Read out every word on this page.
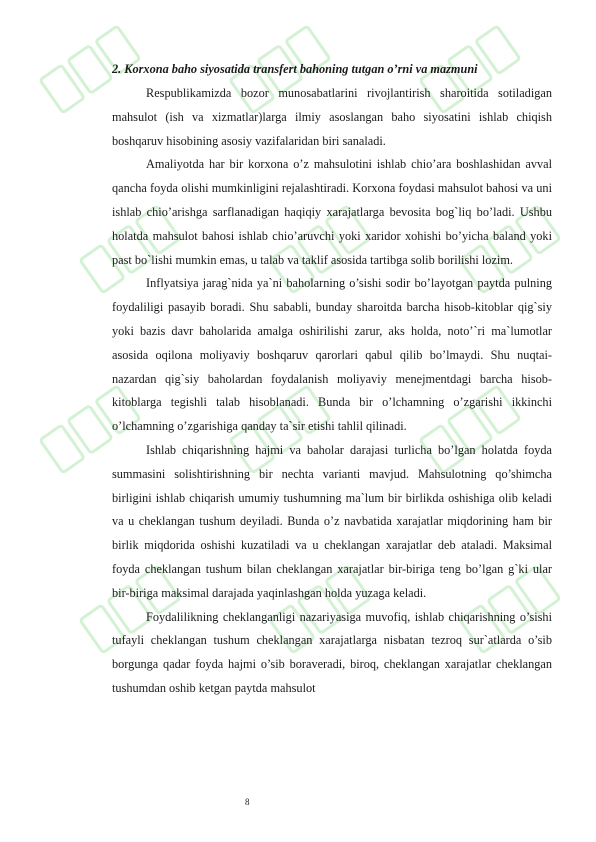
2. Korxona baho siyosatida transfert bahoning tutgan o’rni va mazmuni

Respublikamizda bozor munosabatlarini rivojlantirish sharoitida sotiladigan mahsulot (ish va xizmatlar)larga ilmiy asoslangan baho siyosatini ishlab chiqish boshqaruv hisobining asosiy vazifalaridan biri sanaladi.

Amaliyotda har bir korxona o’z mahsulotini ishlab chio’ara boshlashidan avval qancha foyda olishi mumkinligini rejalashtiradi. Korxona foydasi mahsulot bahosi va uni ishlab chio’arishga sarflanadigan haqiqiy xarajatlarga bevosita bog`liq bo’ladi. Ushbu holatda mahsulot bahosi ishlab chio’aruvchi yoki xaridor xohishi bo’yicha baland yoki past bo`lishi mumkin emas, u talab va taklif asosida tartibga solib borilishi lozim.

Inflyatsiya jarag`nida ya`ni baholarning o’sishi sodir bo’layotgan paytda pulning foydaliligi pasayib boradi. Shu sababli, bunday sharoitda barcha hisob-kitoblar qig`siy yoki bazis davr baholarida amalga oshirilishi zarur, aks holda, noto’`ri ma`lumotlar asosida oqilona moliyaviy boshqaruv qarorlari qabul qilib bo’lmaydi. Shu nuqtai-nazardan qig`siy baholardan foydalanish moliyaviy menejmentdagi barcha hisob-kitoblarga tegishli talab hisoblanadi. Bunda bir o’lchamning o’zgarishi ikkinchi o’lchamning o’zgarishiga qanday ta`sir etishi tahlil qilinadi.

Ishlab chiqarishning hajmi va baholar darajasi turlicha bo’lgan holatda foyda summasini solishtirishning bir nechta varianti mavjud. Mahsulotning qo’shimcha birligini ishlab chiqarish umumiy tushumning ma`lum bir birlikda oshishiga olib keladi va u cheklangan tushum deyiladi. Bunda o’z navbatida xarajatlar miqdorining ham bir birlik miqdorida oshishi kuzatiladi va u cheklangan xarajatlar deb ataladi. Maksimal foyda cheklangan tushum bilan cheklangan xarajatlar bir-biriga teng bo’lgan g`ki ular bir-biriga maksimal darajada yaqinlashgan holda yuzaga keladi.

Foydalilikning cheklanganligi nazariyasiga muvofiq, ishlab chiqarishning o’sishi tufayli cheklangan tushum cheklangan xarajatlarga nisbatan tezroq sur`atlarda o’sib borgunga qadar foyda hajmi o’sib boraveradi, biroq, cheklangan xarajatlar cheklangan tushumdan oshib ketgan paytda mahsulot

8
